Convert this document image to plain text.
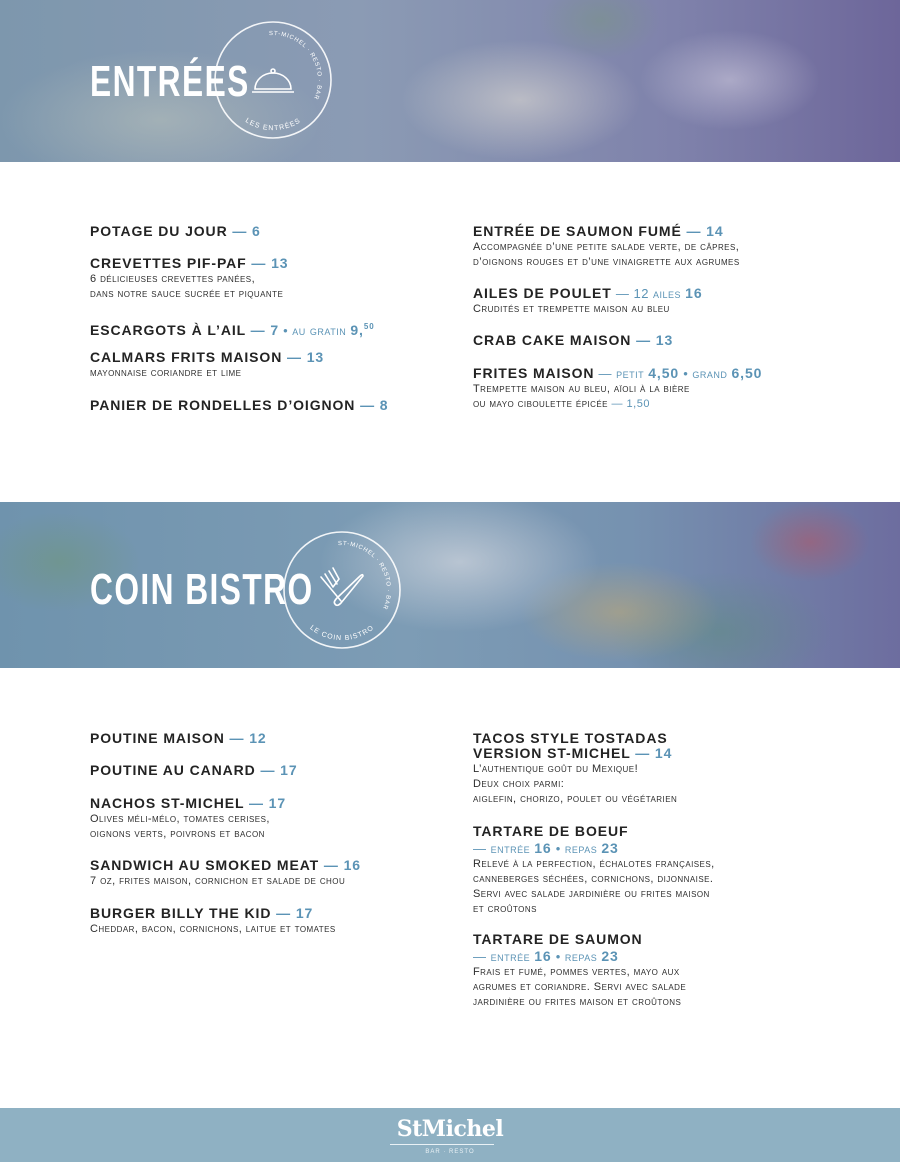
ENTRÉES
ST-MICHEL · RESTO · BAR
LES ENTRÉES
COIN BISTRO
ST-MICHEL · RESTO · BAR
LE COIN BISTRO
POTAGE DU JOUR — 6
CREVETTES PIF-PAF — 13
6 délicieuses crevettes panées,
dans notre sauce sucrée et piquante
ESCARGOTS À L’AIL — 7 • au gratin 9,50
CALMARS FRITS MAISON — 13
mayonnaise coriandre et lime
PANIER DE RONDELLES D’OIGNON — 8
ENTRÉE DE SAUMON FUMÉ — 14
Accompagnée d’une petite salade verte, de câpres,
d’oignons rouges et d’une vinaigrette aux agrumes
AILES DE POULET — 12 ailes 16
Crudités et trempette maison au bleu
CRAB CAKE MAISON — 13
FRITES MAISON — petit 4,50 • grand 6,50
Trempette maison au bleu, aïoli à la bière
ou mayo ciboulette épicée — 1,50
POUTINE MAISON — 12
POUTINE AU CANARD — 17
NACHOS ST-MICHEL — 17
Olives méli-mélo, tomates cerises,
oignons verts, poivrons et bacon
SANDWICH AU SMOKED MEAT — 16
7 oz, frites maison, cornichon et salade de chou
BURGER BILLY THE KID — 17
Cheddar, bacon, cornichons, laitue et tomates
TACOS STYLE TOSTADAS
VERSION ST-MICHEL — 14
L’authentique goût du Mexique!
Deux choix parmi:
aiglefin, chorizo, poulet ou végétarien
TARTARE DE BOEUF
— entrée 16 • repas 23
Relevé à la perfection, échalotes françaises,
canneberges séchées, cornichons, dijonnaise.
Servi avec salade jardinière ou frites maison
et croûtons
TARTARE DE SAUMON
— entrée 16 • repas 23
Frais et fumé, pommes vertes, mayo aux
agrumes et coriandre. Servi avec salade
jardinière ou frites maison et croûtons
StMichel
BAR · RESTO
